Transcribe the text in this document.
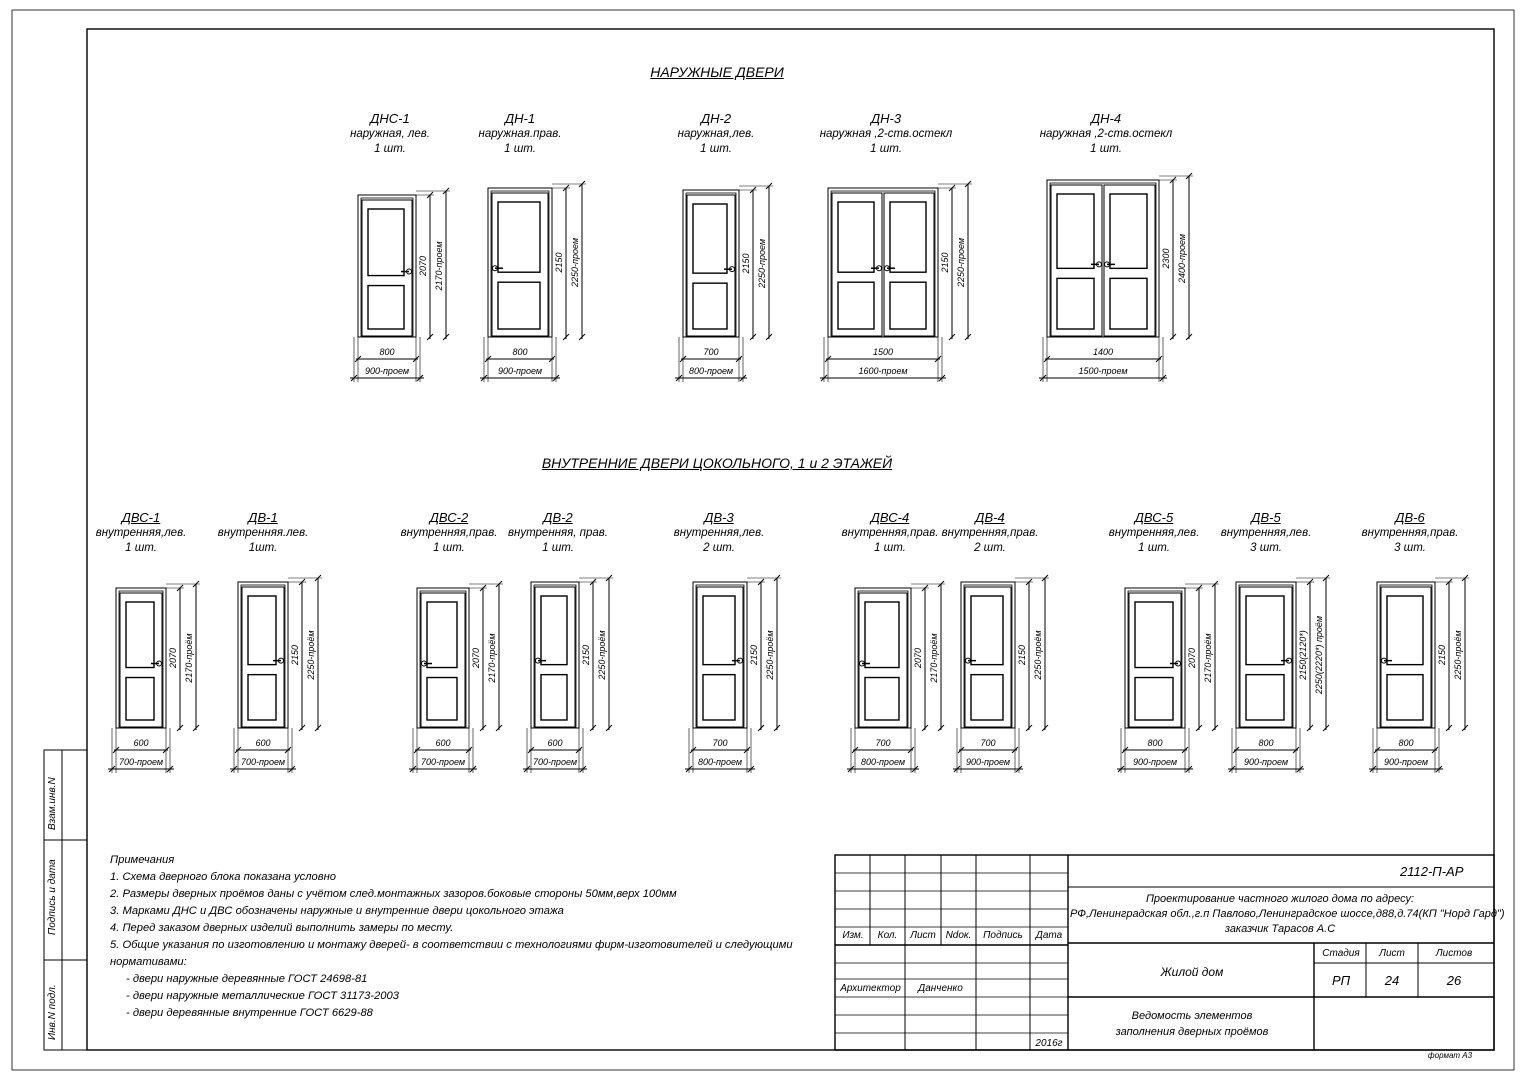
2070 2170-проем
800
900-проем
2150 2250-проем
800
900-проем
2150 2250-проем
700
800-проем
2150 2250-проем
1500
1600-проем
2300 2400-проем
1400
1500-проем
2070 2170-проём
600
700-проем
2150 2250-проём
600
700-проем
2070 2170-проём
600
700-проем
2150 2250-проём
600
700-проем
2150 2250-проём
700
800-проем
2070 2170-проём
700
800-проем
2150 2250-проём
700
900-проем
2070 2170-проём
800
900-проем
2150(2120*) 2250(2220*) проём
800
900-проем
2150 2250-проём
800
900-проем
НАРУЖНЫЕ ДВЕРИ
ВНУТРЕННИЕ ДВЕРИ ЦОКОЛЬНОГО, 1 и 2 ЭТАЖЕЙ
ДНС-1
наружная, лев.
1 шт.
ДН-1
наружная.прав.
1 шт.
ДН-2
наружная,лев.
1 шт.
ДН-3
наружная ,2-ств.остекл
1 шт.
ДН-4
наружная ,2-ств.остекл
1 шт.
ДВС-1
внутренняя,лев.
1 шт.
ДВ-1
внутренняя.лев.
1шт.
ДВС-2
внутренняя,прав.
1 шт.
ДВ-2
внутренняя, прав.
1 шт.
ДВ-3
внутренняя,лев.
2 шт.
ДВС-4
внутренняя,прав.
1 шт.
ДВ-4
внутренняя,прав.
2 шт.
ДВС-5
внутренняя,лев.
1 шт.
ДВ-5
внутренняя,лев.
3 шт.
ДВ-6
внутренняя,прав.
3 шт.
Примечания
1. Схема дверного блока показана условно
2. Размеры дверных проёмов даны с учётом след.монтажных зазоров.боковые стороны 50мм,верх 100мм
3. Марками ДНС и ДВС обозначены наружные и внутренние двери цокольного этажа
4. Перед заказом дверных изделий выполнить замеры по месту.
5. Общие указания по изготовлению и монтажу дверей- в соответствии с технологиями фирм-изготовителей и следующими
нормативами:
- двери наружные деревянные ГОСТ 24698-81
- двери наружные металлические ГОСТ 31173-2003
- двери деревянные внутренние ГОСТ 6629-88
Взам.инв.N
Подпись и дата
Инв.N подл.
2112-П-АР
Проектирование частного жилого дома по адресу:
РФ,Ленинградская обл.,г.п Павлово,Ленинградское шоссе,д88,д.74(КП "Норд Гард")
заказчик Тарасов А.С
Изм.	Кол.	Лист Ndок.	Подпись	Дата
Архитектор	Данченко
2016г
Жилой дом
Стадия	Лист	Листов
РП	24	26
Ведомость элементов
заполнения дверных проёмов
формат А3
